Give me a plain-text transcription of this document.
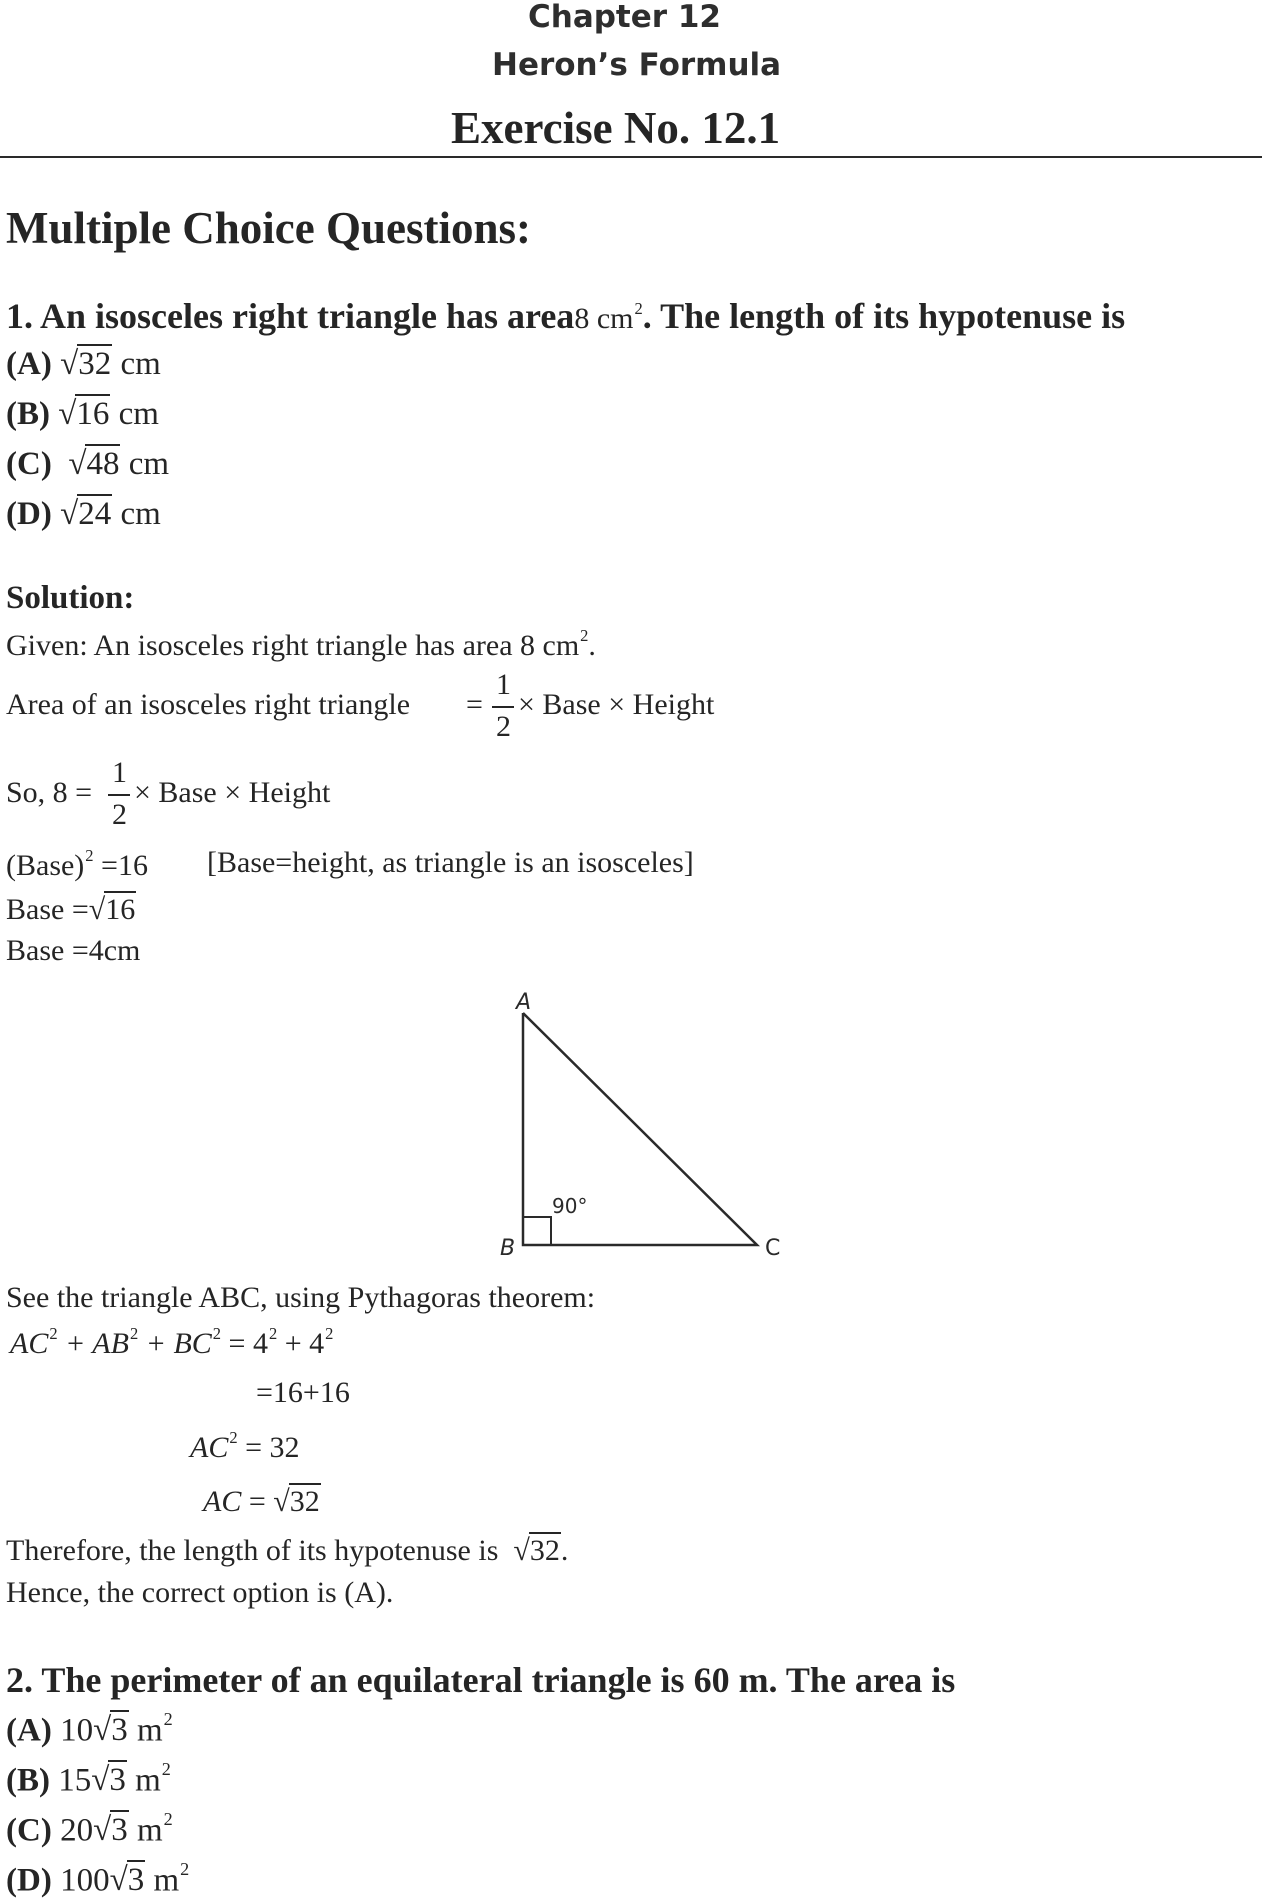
Chapter 12
Heron’s Formula
Exercise No. 12.1
Multiple Choice Questions:
1. An isosceles right triangle has area8 $cm^2$. The length of its hypotenuse is
(A) √32 cm
(B) √16 cm
(C) √48 cm
(D) √24 cm
Solution:
Given: An isosceles right triangle has area 8 $cm^2$.
Area of an isosceles right triangle =
1
2
× Base × Height
So, 8 =
1
2
× Base × Height
(Base)$^2$ =16 [Base=height, as triangle is an isosceles]
Base =√16
Base =4cm
A
B	C
90°
See the triangle ABC, using Pythagoras theorem:
$AC^2 + AB^2 + BC^2 = 4^2 + 4^2$
=16+16
$AC^2 = 32$
AC = √32
Therefore, the length of its hypotenuse is √32.
Hence, the correct option is (A).
2. The perimeter of an equilateral triangle is 60 m. The area is
(A) 10√3 $m^2$
(B) 15√3 $m^2$
(C) 20√3 $m^2$
(D) 100√3 $m^2$
